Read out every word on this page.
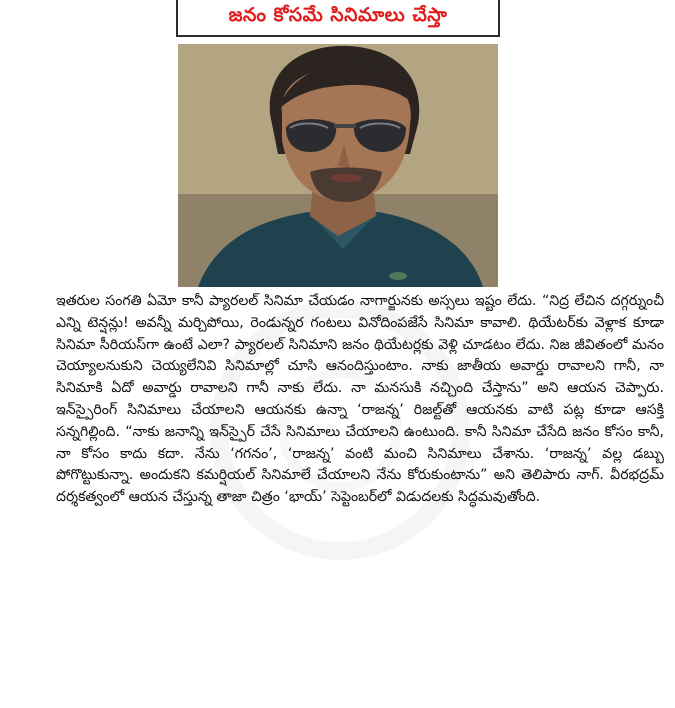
జనం కోసమే సినిమాలు చేస్తా

ఇతరుల సంగతి ఏమో కానీ ప్యారలల్ సినిమా చేయడం నాగార్జునకు అస్సలు ఇష్టం లేదు. “నిద్ర లేచిన దగ్గర్నుంచీ ఎన్ని టెన్షన్లు! అవన్నీ మర్చిపోయి, రెండున్నర గంటలు వినోదింపజేసే సినిమా కావాలి. థియేటర్‌కు వెళ్లాక కూడా సినిమా సీరియస్‌గా ఉంటే ఎలా? ప్యారలల్ సినిమాని జనం థియేటర్లకు వెళ్లి చూడటం లేదు. నిజ జీవితంలో మనం చెయ్యాలనుకుని చెయ్యలేనివి సినిమాల్లో చూసి ఆనందిస్తుంటాం. నాకు జాతీయ అవార్డు రావాలని గానీ, నా సినిమాకి ఏదో అవార్డు రావాలని గానీ నాకు లేదు. నా మనసుకి నచ్చింది చేస్తాను” అని ఆయన చెప్పారు. ఇన్‌స్పైరింగ్ సినిమాలు చేయాలని ఆయనకు ఉన్నా ‘రాజన్న’ రిజల్ట్‌తో ఆయనకు వాటి పట్ల కూడా ఆసక్తి సన్నగిల్లింది. “నాకు జనాన్ని ఇన్‌స్పైర్ చేసే సినిమాలు చేయాలని ఉంటుంది. కానీ సినిమా చేసేది జనం కోసం కానీ, నా కోసం కాదు కదా. నేను ‘గగనం’, ‘రాజన్న’ వంటి మంచి సినిమాలు చేశాను. ‘రాజన్న’ వల్ల డబ్బు పోగొట్టుకున్నా. అందుకని కమర్షియల్ సినిమాలే చేయాలని నేను కోరుకుంటాను” అని తెలిపారు నాగ్. వీరభద్రమ్ దర్శకత్వంలో ఆయన చేస్తున్న తాజా చిత్రం ‘భాయ్’ సెప్టెంబర్‌లో విడుదలకు సిద్ధమవుతోంది.
